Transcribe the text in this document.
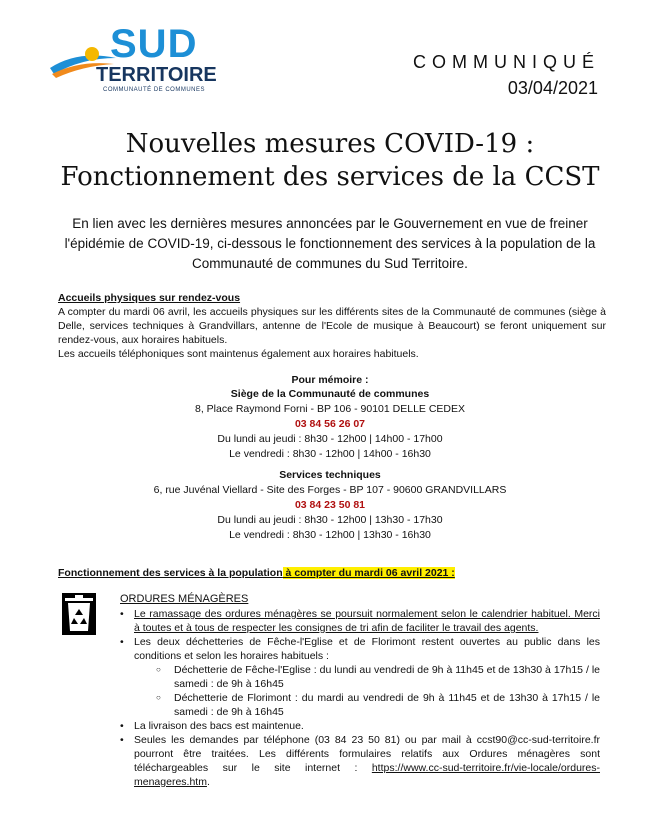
SUD
TERRITOIRE
COMMUNAUTÉ DE COMMUNES
COMMUNIQUÉ
03/04/2021
Nouvelles mesures COVID-19 :
Fonctionnement des services de la CCST
En lien avec les dernières mesures annoncées par le Gouvernement en vue de freiner l'épidémie de COVID-19, ci-dessous le fonctionnement des services à la population de la Communauté de communes du Sud Territoire.
Accueils physiques sur rendez-vous
A compter du mardi 06 avril, les accueils physiques sur les différents sites de la Communauté de communes (siège à Delle, services techniques à Grandvillars, antenne de l'Ecole de musique à Beaucourt) se feront uniquement sur rendez-vous, aux horaires habituels.
Les accueils téléphoniques sont maintenus également aux horaires habituels.
Pour mémoire :
Siège de la Communauté de communes
8, Place Raymond Forni - BP 106 - 90101 DELLE CEDEX
03 84 56 26 07
Du lundi au jeudi : 8h30 - 12h00 | 14h00 - 17h00
Le vendredi : 8h30 - 12h00 | 14h00 - 16h30
Services techniques
6, rue Juvénal Viellard - Site des Forges - BP 107 - 90600 GRANDVILLARS
03 84 23 50 81
Du lundi au jeudi : 8h30 - 12h00 | 13h30 - 17h30
Le vendredi : 8h30 - 12h00 | 13h30 - 16h30
Fonctionnement des services à la population à compter du mardi 06 avril 2021 :
ORDURES MÉNAGÈRES
• Le ramassage des ordures ménagères se poursuit normalement selon le calendrier habituel. Merci à toutes et à tous de respecter les consignes de tri afin de faciliter le travail des agents.
• Les deux déchetteries de Fêche-l'Eglise et de Florimont restent ouvertes au public dans les conditions et selon les horaires habituels :
○ Déchetterie de Fêche-l'Eglise : du lundi au vendredi de 9h à 11h45 et de 13h30 à 17h15 / le samedi : de 9h à 16h45
○ Déchetterie de Florimont : du mardi au vendredi de 9h à 11h45 et de 13h30 à 17h15 / le samedi : de 9h à 16h45
• La livraison des bacs est maintenue.
• Seules les demandes par téléphone (03 84 23 50 81) ou par mail à ccst90@cc-sud-territoire.fr pourront être traitées. Les différents formulaires relatifs aux Ordures ménagères sont téléchargeables sur le site internet : https://www.cc-sud-territoire.fr/vie-locale/ordures-menageres.htm.
